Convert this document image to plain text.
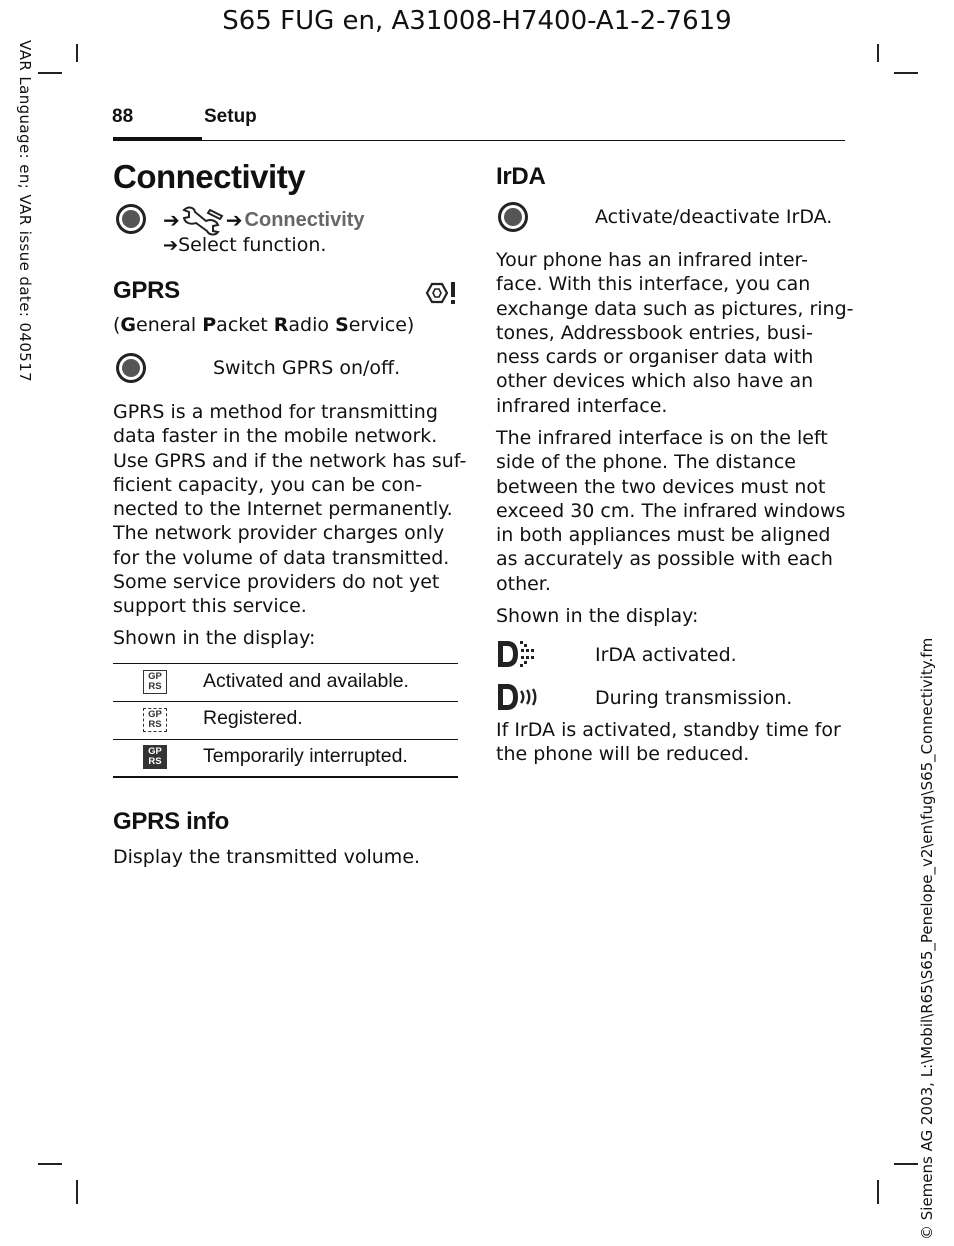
S65 FUG en, A31008-H7400-A1-2-7619
VAR Language: en; VAR issue date: 040517
© Siemens AG 2003, L:\Mobil\R65\S65_Penelope_v2\en\fug\S65_Connectivity.fm
88	Setup
Connectivity
➔ ➔ Connectivity
➔Select function.
GPRS
(General Packet Radio Service)
Switch GPRS on/off.
GPRS is a method for transmitting
data faster in the mobile network.
Use GPRS and if the network has suf-
ficient capacity, you can be con-
nected to the Internet permanently.
The network provider charges only
for the volume of data transmitted.
Some service providers do not yet
support this service.
Shown in the display:
GP
RS Activated and available.
GP
RS Registered.
GP
RS Temporarily interrupted.
GPRS info
Display the transmitted volume.
IrDA
Activate/deactivate IrDA.
Your phone has an infrared inter-
face. With this interface, you can
exchange data such as pictures, ring-
tones, Addressbook entries, busi-
ness cards or organiser data with
other devices which also have an
infrared interface.
The infrared interface is on the left
side of the phone. The distance
between the two devices must not
exceed 30 cm. The infrared windows
in both appliances must be aligned
as accurately as possible with each
other.
Shown in the display:
IrDA activated.
During transmission.
If IrDA is activated, standby time for
the phone will be reduced.
